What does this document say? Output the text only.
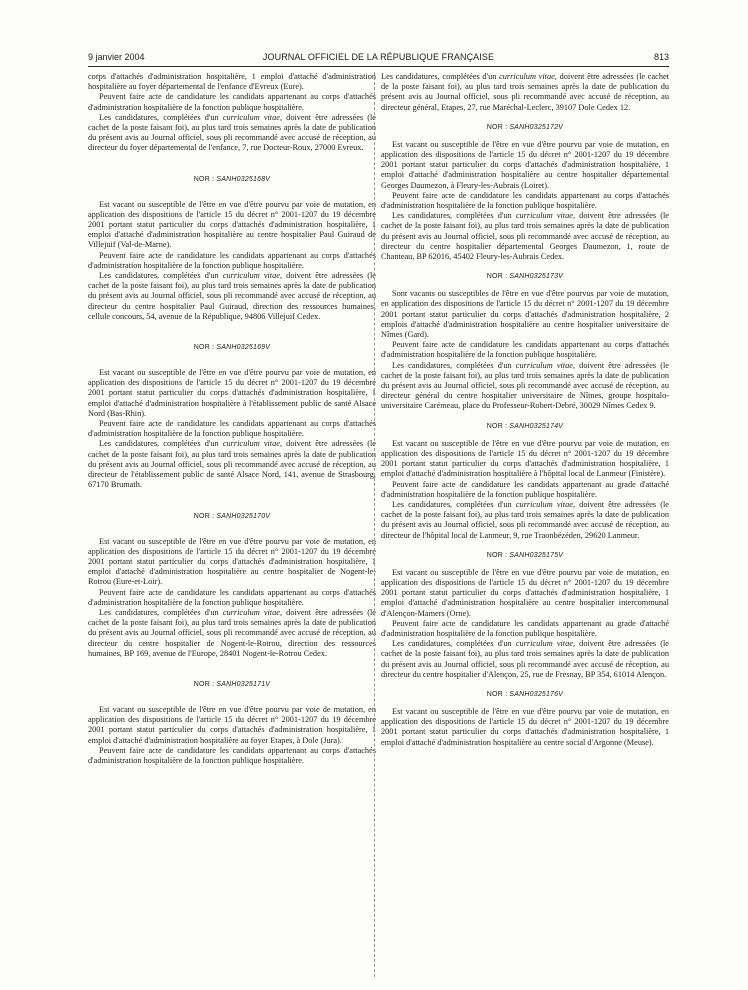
9 janvier 2004	JOURNAL OFFICIEL DE LA RÉPUBLIQUE FRANÇAISE	813

corps d'attachés d'administration hospitalière, 1 emploi d'attaché d'administration hospitalière au foyer départemental de l'enfance d'Evreux (Eure).

Peuvent faire acte de candidature les candidats appartenant au corps d'attachés d'administration hospitalière de la fonction publique hospitalière.

Les candidatures, complétées d'un curriculum vitae, doivent être adressées (le cachet de la poste faisant foi), au plus tard trois semaines après la date de publication du présent avis au Journal officiel, sous pli recommandé avec accusé de réception, au directeur du foyer départemental de l'enfance, 7, rue Docteur-Roux, 27000 Evreux.

NOR : SANH0325168V

Est vacant ou susceptible de l'être en vue d'être pourvu par voie de mutation, en application des dispositions de l'article 15 du décret n° 2001-1207 du 19 décembre 2001 portant statut particulier du corps d'attachés d'administration hospitalière, 1 emploi d'attaché d'administration hospitalière au centre hospitalier Paul Guiraud de Villejuif (Val-de-Marne).

Peuvent faire acte de candidature les candidats appartenant au corps d'attachés d'administration hospitalière de la fonction publique hospitalière.

Les candidatures, complétées d'un curriculum vitae, doivent être adressées (le cachet de la poste faisant foi), au plus tard trois semaines après la date de publication du présent avis au Journal officiel, sous pli recommandé avec accusé de réception, au directeur du centre hospitalier Paul Guiraud, direction des ressources humaines, cellule concours, 54, avenue de la République, 94806 Villejuif Cedex.

NOR : SANH0325169V

Est vacant ou susceptible de l'être en vue d'être pourvu par voie de mutation, en application des dispositions de l'article 15 du décret n° 2001-1207 du 19 décembre 2001 portant statut particulier du corps d'attachés d'administration hospitalière, 1 emploi d'attaché d'administration hospitalière à l'établissement public de santé Alsace Nord (Bas-Rhin).

Peuvent faire acte de candidature les candidats appartenant au corps d'attachés d'administration hospitalière de la fonction publique hospitalière.

Les candidatures, complétées d'un curriculum vitae, doivent être adressées (le cachet de la poste faisant foi), au plus tard trois semaines après la date de publication du présent avis au Journal officiel, sous pli recommandé avec accusé de réception, au directeur de l'établissement public de santé Alsace Nord, 141, avenue de Strasbourg, 67170 Brumath.

NOR : SANH0325170V

Est vacant ou susceptible de l'être en vue d'être pourvu par voie de mutation, en application des dispositions de l'article 15 du décret n° 2001-1207 du 19 décembre 2001 portant statut particulier du corps d'attachés d'administration hospitalière, 1 emploi d'attaché d'administration hospitalière au centre hospitalier de Nogent-le-Rotrou (Eure-et-Loir).

Peuvent faire acte de candidature les candidats appartenant au corps d'attachés d'administration hospitalière de la fonction publique hospitalière.

Les candidatures, complétées d'un curriculum vitae, doivent être adressées (le cachet de la poste faisant foi), au plus tard trois semaines après la date de publication du présent avis au Journal officiel, sous pli recommandé avec accusé de réception, au directeur du centre hospitalier de Nogent-le-Rotrou, direction des ressources humaines, BP 169, avenue de l'Europe, 28401 Nogent-le-Rotrou Cedex.

NOR : SANH0325171V

Est vacant ou susceptible de l'être en vue d'être pourvu par voie de mutation, en application des dispositions de l'article 15 du décret n° 2001-1207 du 19 décembre 2001 portant statut particulier du corps d'attachés d'administration hospitalière, 1 emploi d'attaché d'administration hospitalière au foyer Etapes, à Dole (Jura).

Peuvent faire acte de candidature les candidats appartenant au corps d'attachés d'administration hospitalière de la fonction publique hospitalière.

Les candidatures, complétées d'un curriculum vitae, doivent être adressées (le cachet de la poste faisant foi), au plus tard trois semaines après la date de publication du présent avis au Journal officiel, sous pli recommandé avec accusé de réception, au directeur général, Etapes, 27, rue Maréchal-Leclerc, 39107 Dole Cedex 12.

NOR : SANH0325172V

Est vacant ou susceptible de l'être en vue d'être pourvu par voie de mutation, en application des dispositions de l'article 15 du décret n° 2001-1207 du 19 décembre 2001 portant statut particulier du corps d'attachés d'administration hospitalière, 1 emploi d'attaché d'administration hospitalière au centre hospitalier départemental Georges Daumezon, à Fleury-les-Aubrais (Loiret).

Peuvent faire acte de candidature les candidats appartenant au corps d'attachés d'administration hospitalière de la fonction publique hospitalière.

Les candidatures, complétées d'un curriculum vitae, doivent être adressées (le cachet de la poste faisant foi), au plus tard trois semaines après la date de publication du présent avis au Journal officiel, sous pli recommandé avec accusé de réception, au directeur du centre hospitalier départemental Georges Daumezon, 1, route de Chanteau, BP 62016, 45402 Fleury-les-Aubrais Cedex.

NOR : SANH0325173V

Sont vacants ou susceptibles de l'être en vue d'être pourvus par voie de mutation, en application des dispositions de l'article 15 du décret n° 2001-1207 du 19 décembre 2001 portant statut particulier du corps d'attachés d'administration hospitalière, 2 emplois d'attaché d'administration hospitalière au centre hospitalier universitaire de Nîmes (Gard).

Peuvent faire acte de candidature les candidats appartenant au corps d'attachés d'administration hospitalière de la fonction publique hospitalière.

Les candidatures, complétées d'un curriculum vitae, doivent être adressées (le cachet de la poste faisant foi), au plus tard trois semaines après la date de publication du présent avis au Journal officiel, sous pli recommandé avec accusé de réception, au directeur général du centre hospitalier universitaire de Nîmes, groupe hospitalo-universitaire Carémeau, place du Professeur-Robert-Debré, 30029 Nîmes Cedex 9.

NOR : SANH0325174V

Est vacant ou susceptible de l'être en vue d'être pourvu par voie de mutation, en application des dispositions de l'article 15 du décret n° 2001-1207 du 19 décembre 2001 portant statut particulier du corps d'attachés d'administration hospitalière, 1 emploi d'attaché d'administration hospitalière à l'hôpital local de Lanmeur (Finistère).

Peuvent faire acte de candidature les candidats appartenant au grade d'attaché d'administration hospitalière de la fonction publique hospitalière.

Les candidatures, complétées d'un curriculum vitae, doivent être adressées (le cachet de la poste faisant foi), au plus tard trois semaines après la date de publication du présent avis au Journal officiel, sous pli recommandé avec accusé de réception, au directeur de l'hôpital local de Lanmeur, 9, rue Traonbézéden, 29620 Lanmeur.

NOR : SANH0325175V

Est vacant ou susceptible de l'être en vue d'être pourvu par voie de mutation, en application des dispositions de l'article 15 du décret n° 2001-1207 du 19 décembre 2001 portant statut particulier du corps d'attachés d'administration hospitalière, 1 emploi d'attaché d'administration hospitalière au centre hospitalier intercommunal d'Alençon-Mamers (Orne).

Peuvent faire acte de candidature les candidats appartenant au grade d'attaché d'administration hospitalière de la fonction publique hospitalière.

Les candidatures, complétées d'un curriculum vitae, doivent être adressées (le cachet de la poste faisant foi), au plus tard trois semaines après la date de publication du présent avis au Journal officiel, sous pli recommandé avec accusé de réception, au directeur du centre hospitalier d'Alençon, 25, rue de Fresnay, BP 354, 61014 Alençon.

NOR : SANH0325176V

Est vacant ou susceptible de l'être en vue d'être pourvu par voie de mutation, en application des dispositions de l'article 15 du décret n° 2001-1207 du 19 décembre 2001 portant statut particulier du corps d'attachés d'administration hospitalière, 1 emploi d'attaché d'administration hospitalière au centre social d'Argonne (Meuse).
